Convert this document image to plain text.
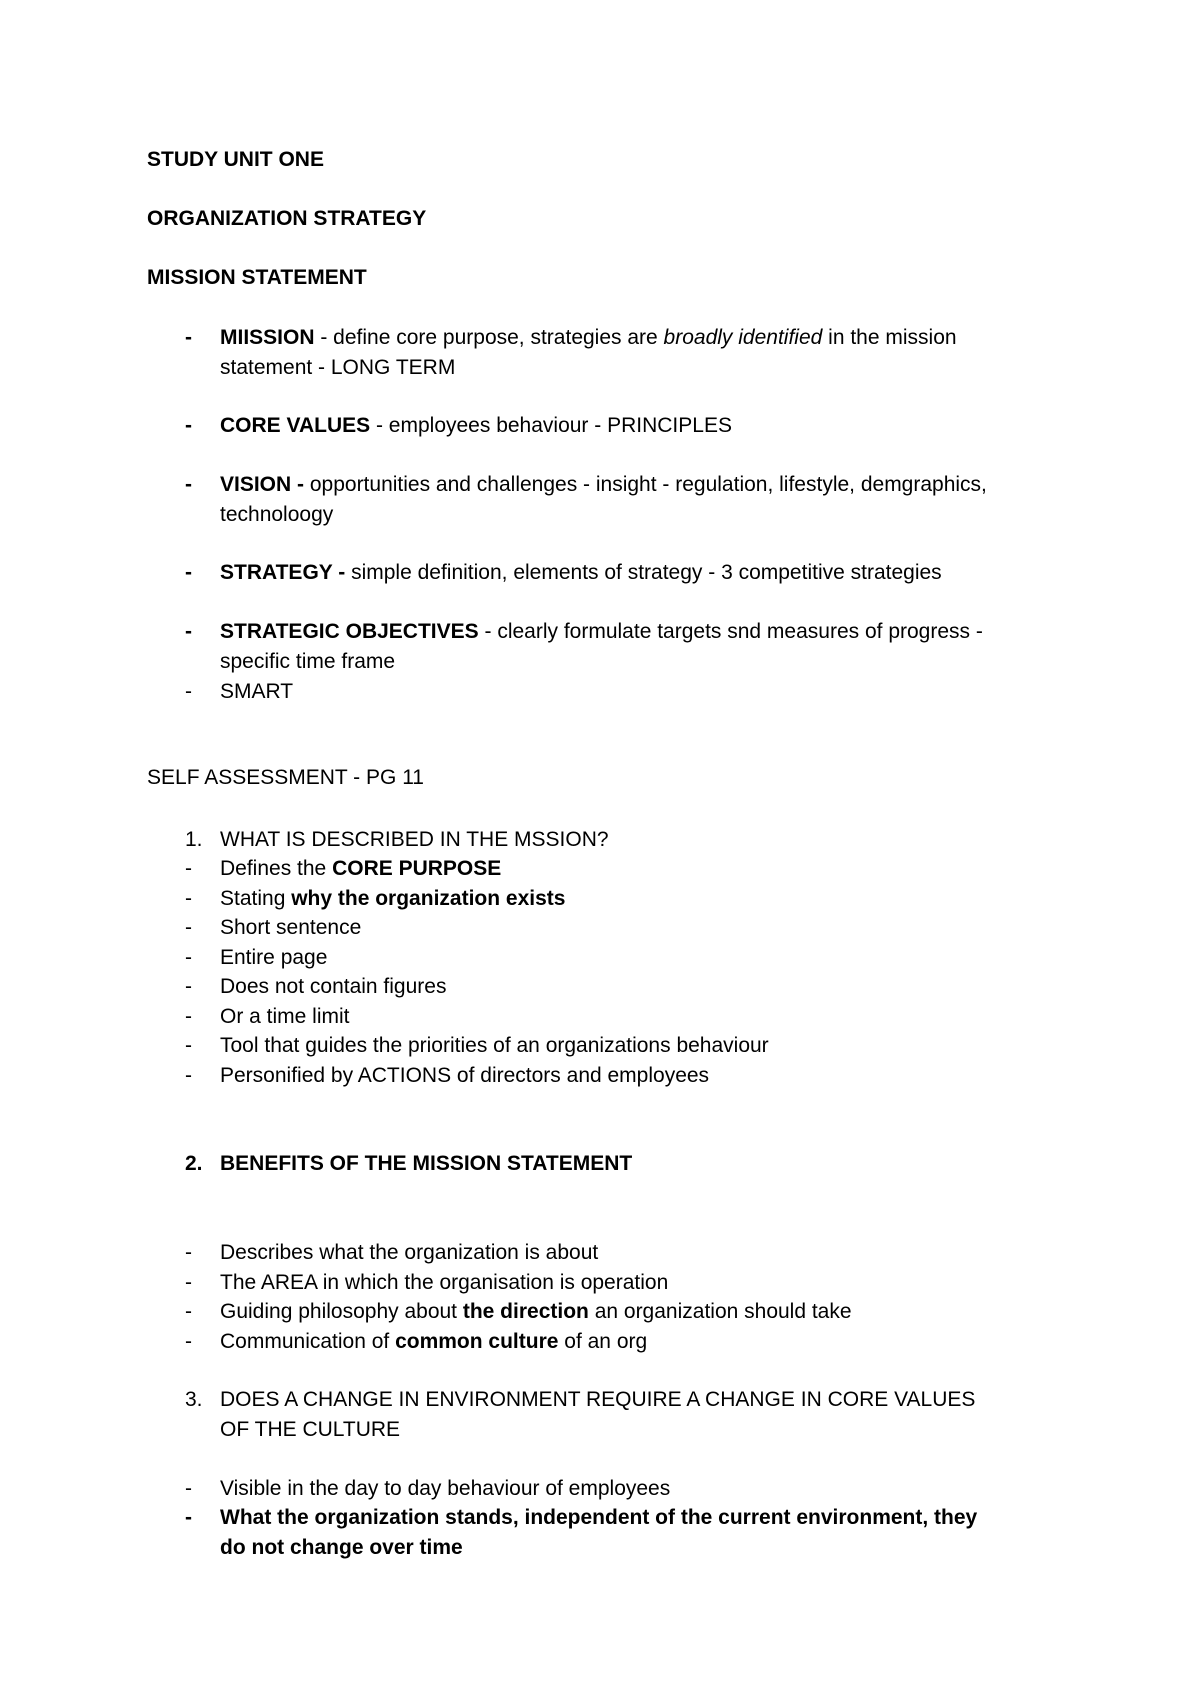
STUDY UNIT ONE

ORGANIZATION STRATEGY

MISSION STATEMENT

-	MIISSION - define core purpose, strategies are broadly identified in the mission
statement - LONG TERM
-	CORE VALUES - employees behaviour - PRINCIPLES
-	VISION - opportunities and challenges - insight - regulation, lifestyle, demgraphics,
technoloogy
-	STRATEGY - simple definition, elements of strategy - 3 competitive strategies
-	STRATEGIC OBJECTIVES - clearly formulate targets snd measures of progress -
specific time frame
-	SMART

SELF ASSESSMENT - PG 11

1. WHAT IS DESCRIBED IN THE MSSION?
-	Defines the CORE PURPOSE
-	Stating why the organization exists
-	Short sentence
-	Entire page
-	Does not contain figures
-	Or a time limit
-	Tool that guides the priorities of an organizations behaviour
-	Personified by ACTIONS of directors and employees
2. BENEFITS OF THE MISSION STATEMENT
-	Describes what the organization is about
-	The AREA in which the organisation is operation
-	Guiding philosophy about the direction an organization should take
-	Communication of common culture of an org
3. DOES A CHANGE IN ENVIRONMENT REQUIRE A CHANGE IN CORE VALUES
OF THE CULTURE
-	Visible in the day to day behaviour of employees
-	What the organization stands, independent of the current environment, they
do not change over time
